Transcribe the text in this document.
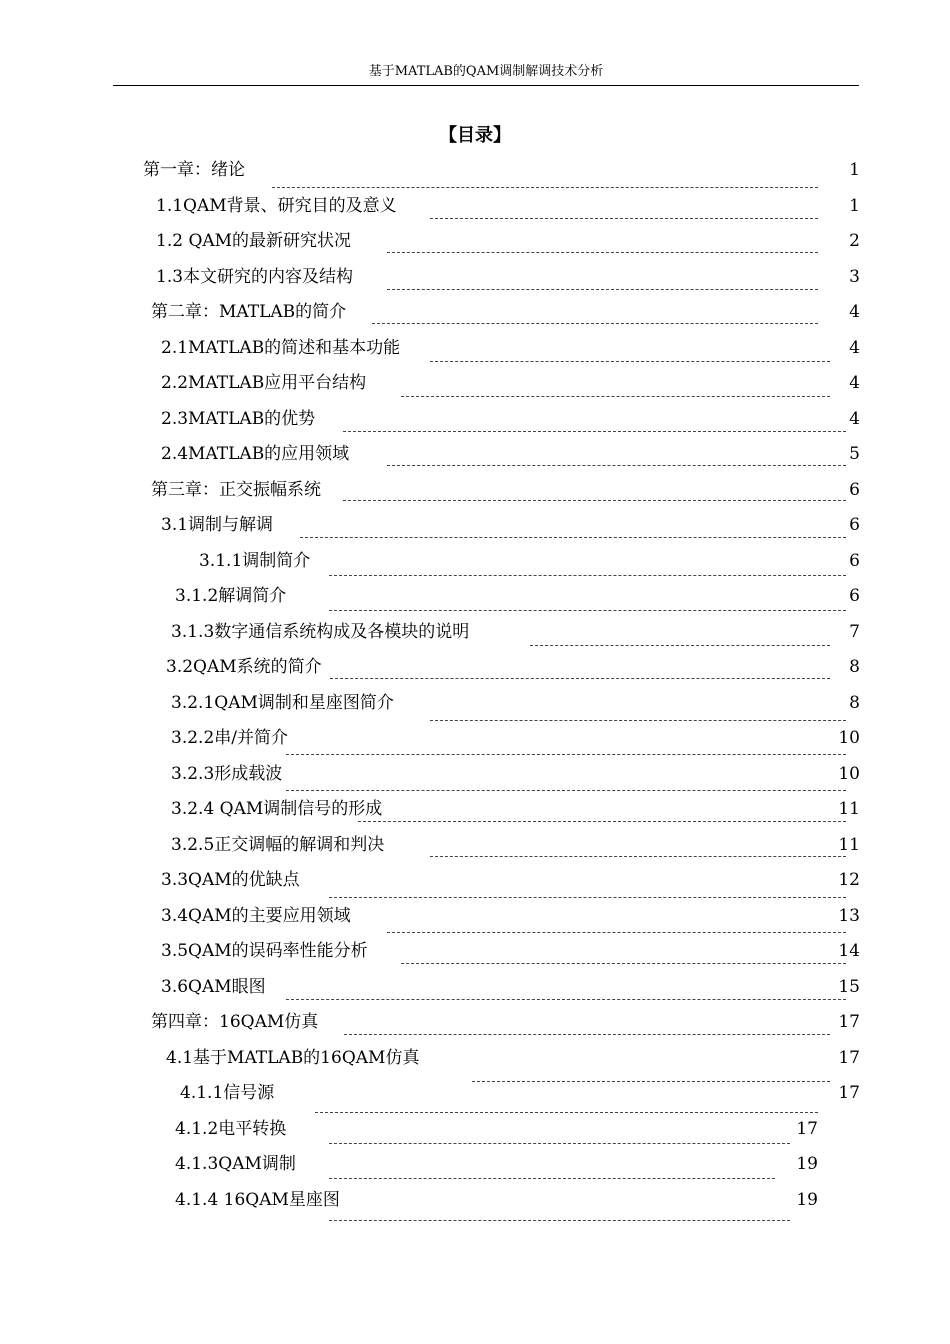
基于MATLAB的QAM调制解调技术分析
【目录】
第一章：绪论	1
1.1QAM背景、研究目的及意义	1
1.2 QAM的最新研究状况	2
1.3本文研究的内容及结构	3
第二章：MATLAB的简介	4
2.1MATLAB的简述和基本功能	4
2.2MATLAB应用平台结构	4
2.3MATLAB的优势	4
2.4MATLAB的应用领域	5
第三章：正交振幅系统	6
3.1调制与解调	6
3.1.1调制简介	6
3.1.2解调简介	6
3.1.3数字通信系统构成及各模块的说明	7
3.2QAM系统的简介	8
3.2.1QAM调制和星座图简介	8
3.2.2串/并简介	10
3.2.3形成载波	10
3.2.4 QAM调制信号的形成	11
3.2.5正交调幅的解调和判决	11
3.3QAM的优缺点	12
3.4QAM的主要应用领域	13
3.5QAM的误码率性能分析	14
3.6QAM眼图	15
第四章：16QAM仿真	17
4.1基于MATLAB的16QAM仿真	17
4.1.1信号源	17
4.1.2电平转换	17
4.1.3QAM调制	19
4.1.4 16QAM星座图	19
